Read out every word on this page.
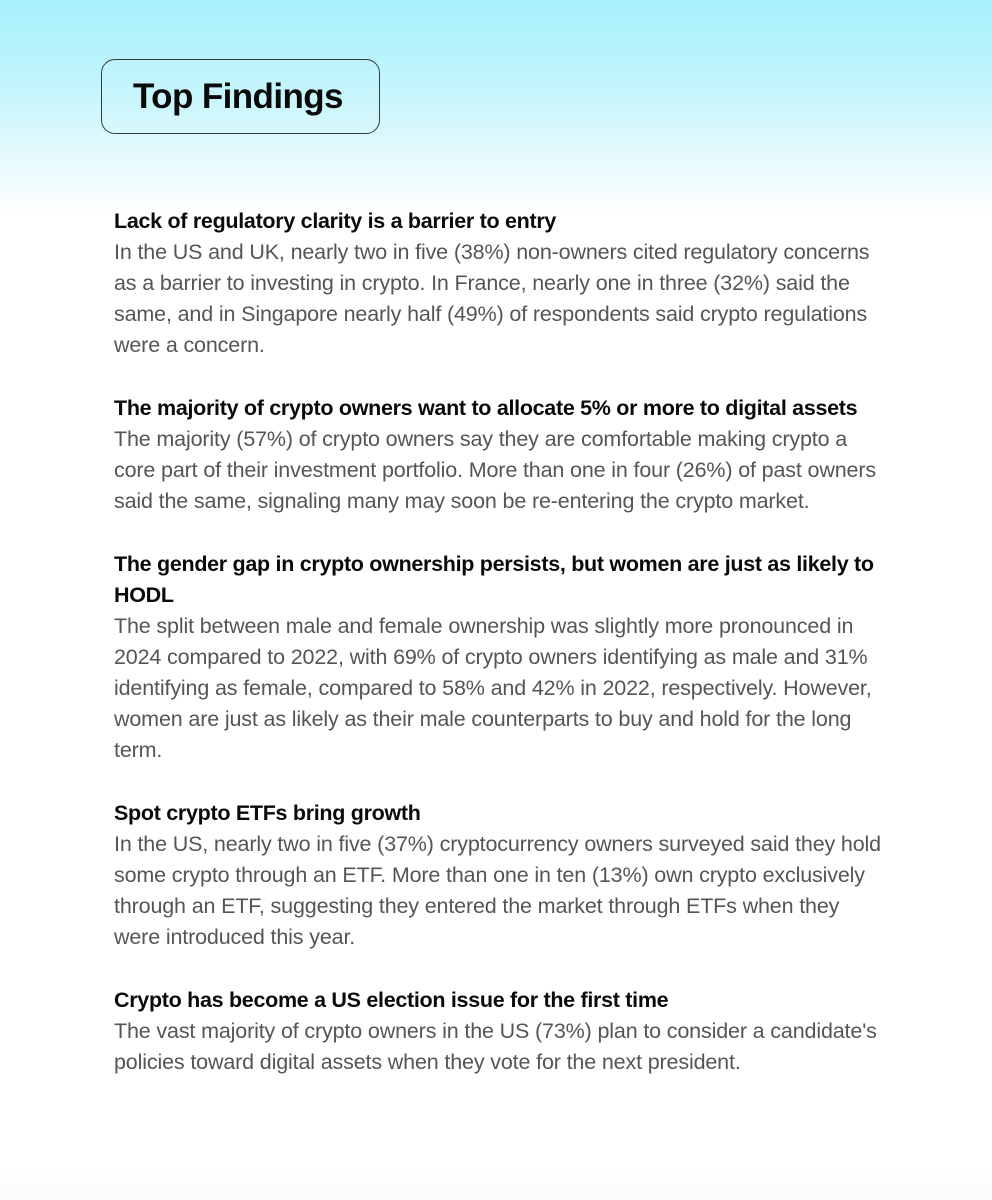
Top Findings

Lack of regulatory clarity is a barrier to entry

In the US and UK, nearly two in five (38%) non-owners cited regulatory concerns as a barrier to investing in crypto. In France, nearly one in three (32%) said the same, and in Singapore nearly half (49%) of respondents said crypto regulations were a concern.

The majority of crypto owners want to allocate 5% or more to digital assets

The majority (57%) of crypto owners say they are comfortable making crypto a core part of their investment portfolio. More than one in four (26%) of past owners said the same, signaling many may soon be re-entering the crypto market.

The gender gap in crypto ownership persists, but women are just as likely to HODL

The split between male and female ownership was slightly more pronounced in 2024 compared to 2022, with 69% of crypto owners identifying as male and 31% identifying as female, compared to 58% and 42% in 2022, respectively. However, women are just as likely as their male counterparts to buy and hold for the long term.

Spot crypto ETFs bring growth

In the US, nearly two in five (37%) cryptocurrency owners surveyed said they hold some crypto through an ETF. More than one in ten (13%) own crypto exclusively through an ETF, suggesting they entered the market through ETFs when they were introduced this year.

Crypto has become a US election issue for the first time

The vast majority of crypto owners in the US (73%) plan to consider a candidate's policies toward digital assets when they vote for the next president.
